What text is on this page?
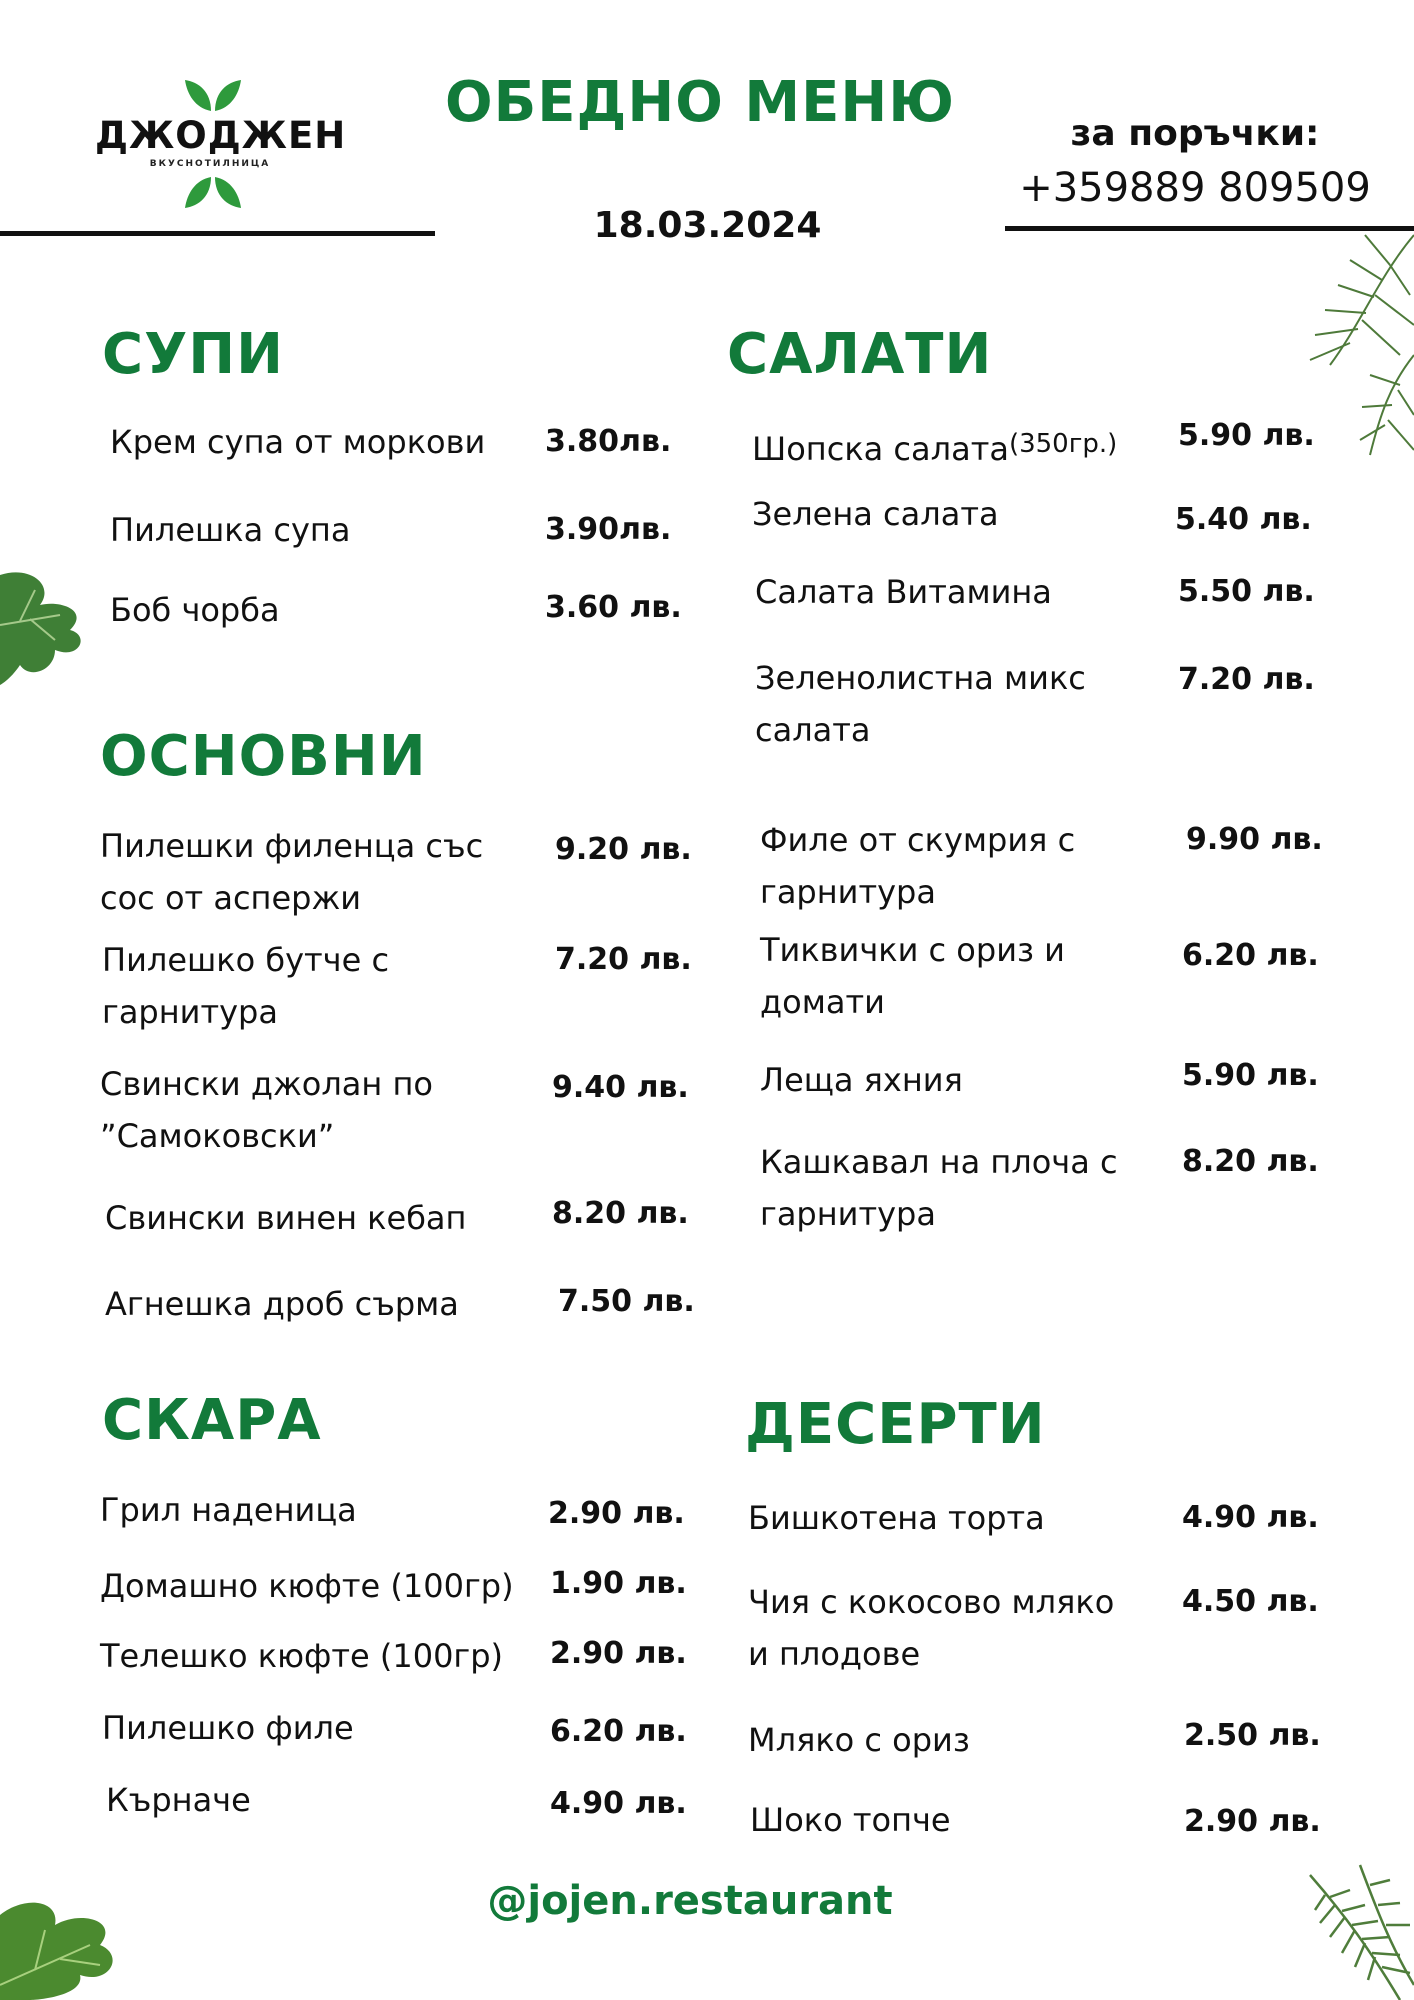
ДЖОДЖЕН
ВКУСНОТИЛНИЦА
ОБЕДНО МЕНЮ
18.03.2024
за поръчки:
+359889 809509
СУПИ
Крем супа от моркови 3.80лв.
Пилешка супа	3.90лв.
Боб чорба	3.60 лв.
САЛАТИ
Шопска салата$^{(350гр.)}$ 5.90 лв.
Зелена салата	5.40 лв.
Салата Витамина	5.50 лв.
Зеленолистна микс
салата
7.20 лв.
ОСНОВНИ
Пилешки филенца със
сос от аспержи
9.20 лв.
Пилешко бутче с
гарнитура
7.20 лв.
Свински джолан по
”Самоковски”
9.40 лв.
Свински винен кебап	8.20 лв.
Агнешка дроб сърма	7.50 лв.
Филе от скумрия с
гарнитура
9.90 лв.
Тиквички с ориз и
домати
6.20 лв.
Леща яхния	5.90 лв.
Кашкавал на плоча с
гарнитура
8.20 лв.
СКАРА
Грил наденица	2.90 лв.
Домашно кюфте (100гр) 1.90 лв.
Телешко кюфте (100гр) 2.90 лв.
Пилешко филе	6.20 лв.
Кърначе	4.90 лв.
ДЕСЕРТИ
Бишкотена торта	4.90 лв.
Чия с кокосово мляко
и плодове
4.50 лв.
Мляко с ориз	2.50 лв.
Шоко топче	2.90 лв.
@jojen.restaurant
